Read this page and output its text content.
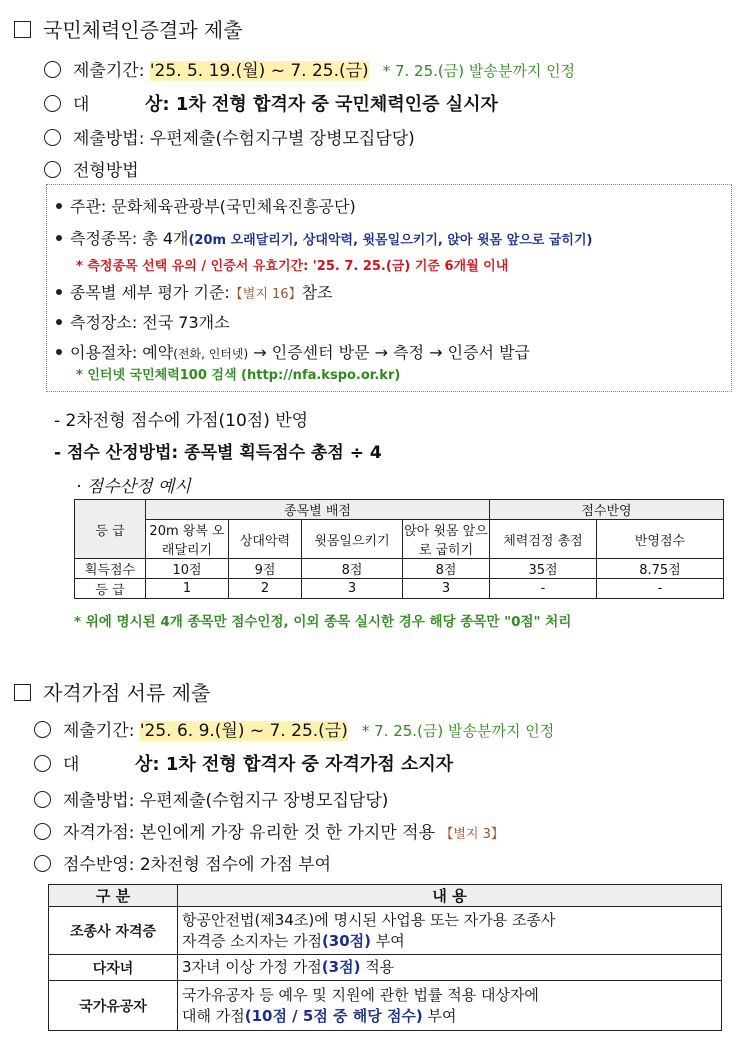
국민체력인증결과 제출
제출기간: '25. 5. 19.(월) ~ 7. 25.(금) * 7. 25.(금) 발송분까지 인정
대	상: 1차 전형 합격자 중 국민체력인증 실시자
제출방법: 우편제출(수험지구별 장병모집담당)
전형방법
주관: 문화체육관광부(국민체육진흥공단)
측정종목: 총 4개(20m 오래달리기, 상대악력, 윗몸일으키기, 앉아 윗몸 앞으로 굽히기)
* 측정종목 선택 유의 / 인증서 유효기간: '25. 7. 25.(금) 기준 6개월 이내
종목별 세부 평가 기준:【별지 16】참조
측정장소: 전국 73개소
이용절차: 예약(전화, 인터넷) → 인증센터 방문 → 측정 → 인증서 발급
* 인터넷 국민체력100 검색 (http://nfa.kspo.or.kr)
- 2차전형 점수에 가점(10점) 반영
- 점수 산정방법: 종목별 획득점수 총점 ÷ 4
· 점수산정 예시
등 급	종목별 배점				점수반영	
	20m 왕복 오래달리기	상대악력	윗몸일으키기	앉아 윗몸 앞으로 굽히기	체력검정 총점	반영점수
획득점수	10점	9점	8점	8점	35점	8.75점
등 급	1	2	3	3	-	-
* 위에 명시된 4개 종목만 점수인정, 이외 종목 실시한 경우 해당 종목만 "0점" 처리
자격가점 서류 제출
제출기간: '25. 6. 9.(월) ~ 7. 25.(금) * 7. 25.(금) 발송분까지 인정
대	상: 1차 전형 합격자 중 자격가점 소지자
제출방법: 우편제출(수험지구 장병모집담당)
자격가점: 본인에게 가장 유리한 것 한 가지만 적용 【별지 3】
점수반영: 2차전형 점수에 가점 부여
구 분	내 용
조종사 자격증	항공안전법(제34조)에 명시된 사업용 또는 자가용 조종사
자격증 소지자는 가점(30점) 부여
다자녀	3자녀 이상 가정 가점(3점) 적용
국가유공자	국가유공자 등 예우 및 지원에 관한 법률 적용 대상자에
대해 가점(10점 / 5점 중 해당 점수) 부여
